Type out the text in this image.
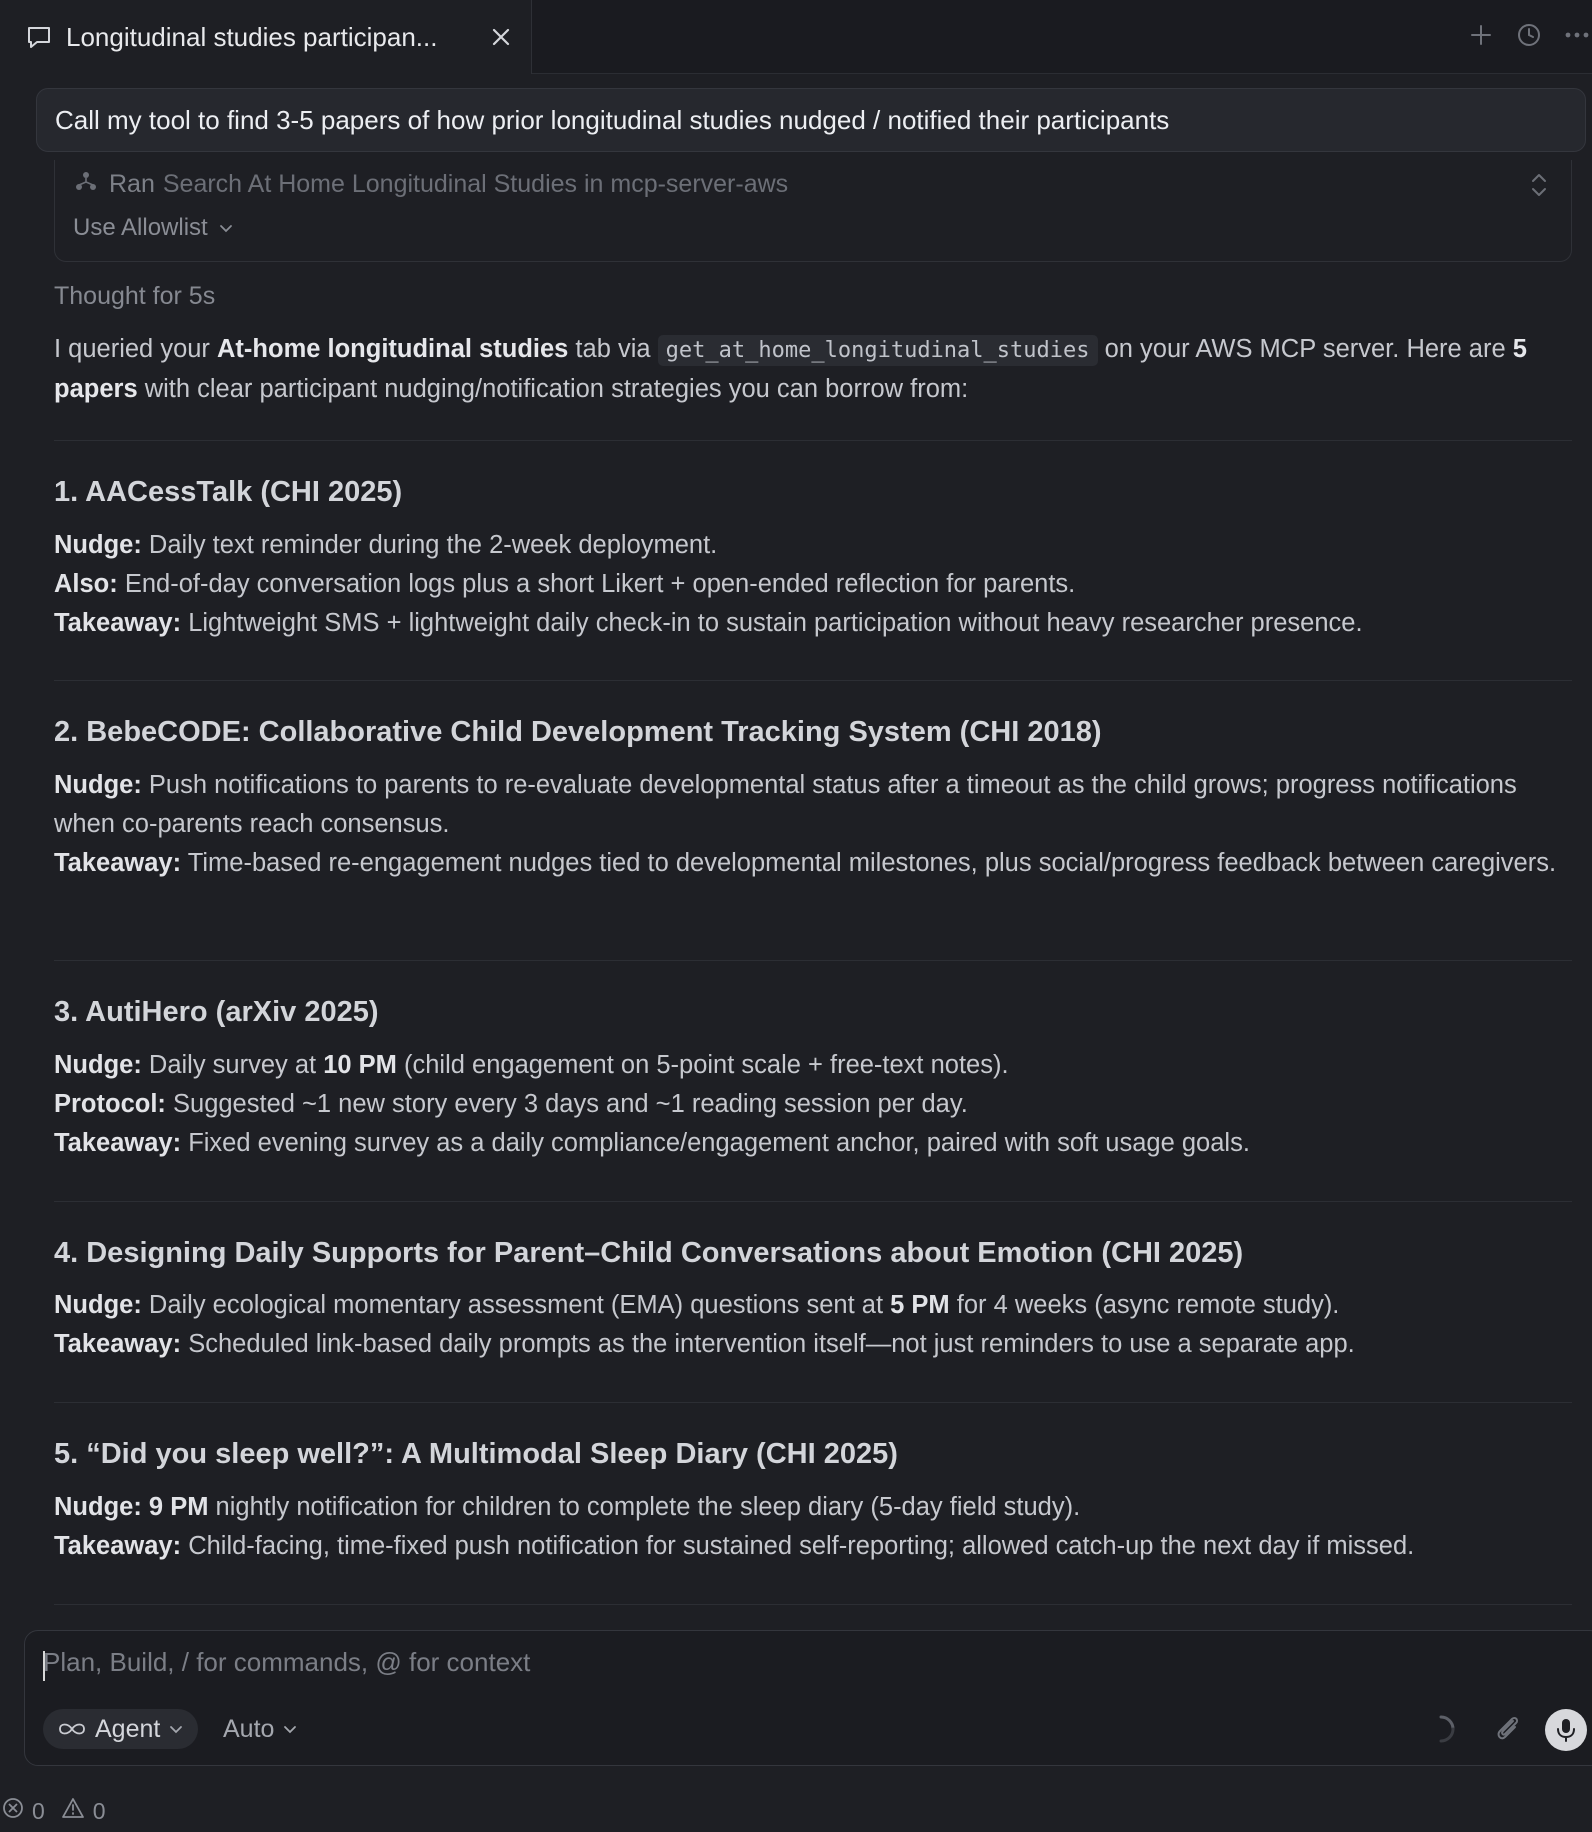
Longitudinal studies participan...
Call my tool to find 3-5 papers of how prior longitudinal studies nudged / notified their participants
Ran Search At Home Longitudinal Studies in mcp-server-aws
Use Allowlist
Thought for 5s
I queried your At-home longitudinal studies tab via get_at_home_longitudinal_studies on your AWS MCP server. Here are 5 papers with clear participant nudging/notification strategies you can borrow from:
1. AACessTalk (CHI 2025)
Nudge: Daily text reminder during the 2-week deployment.
Also: End-of-day conversation logs plus a short Likert + open-ended reflection for parents.
Takeaway: Lightweight SMS + lightweight daily check-in to sustain participation without heavy researcher presence.
2. BebeCODE: Collaborative Child Development Tracking System (CHI 2018)
Nudge: Push notifications to parents to re-evaluate developmental status after a timeout as the child grows; progress notifications when co-parents reach consensus.
Takeaway: Time-based re-engagement nudges tied to developmental milestones, plus social/progress feedback between caregivers.
3. AutiHero (arXiv 2025)
Nudge: Daily survey at 10 PM (child engagement on 5-point scale + free-text notes).
Protocol: Suggested ~1 new story every 3 days and ~1 reading session per day.
Takeaway: Fixed evening survey as a daily compliance/engagement anchor, paired with soft usage goals.
4. Designing Daily Supports for Parent–Child Conversations about Emotion (CHI 2025)
Nudge: Daily ecological momentary assessment (EMA) questions sent at 5 PM for 4 weeks (async remote study).
Takeaway: Scheduled link-based daily prompts as the intervention itself—not just reminders to use a separate app.
5. “Did you sleep well?”: A Multimodal Sleep Diary (CHI 2025)
Nudge: 9 PM nightly notification for children to complete the sleep diary (5-day field study).
Takeaway: Child-facing, time-fixed push notification for sustained self-reporting; allowed catch-up the next day if missed.
Plan, Build, / for commands, @ for context
Agent	Auto
0 0
